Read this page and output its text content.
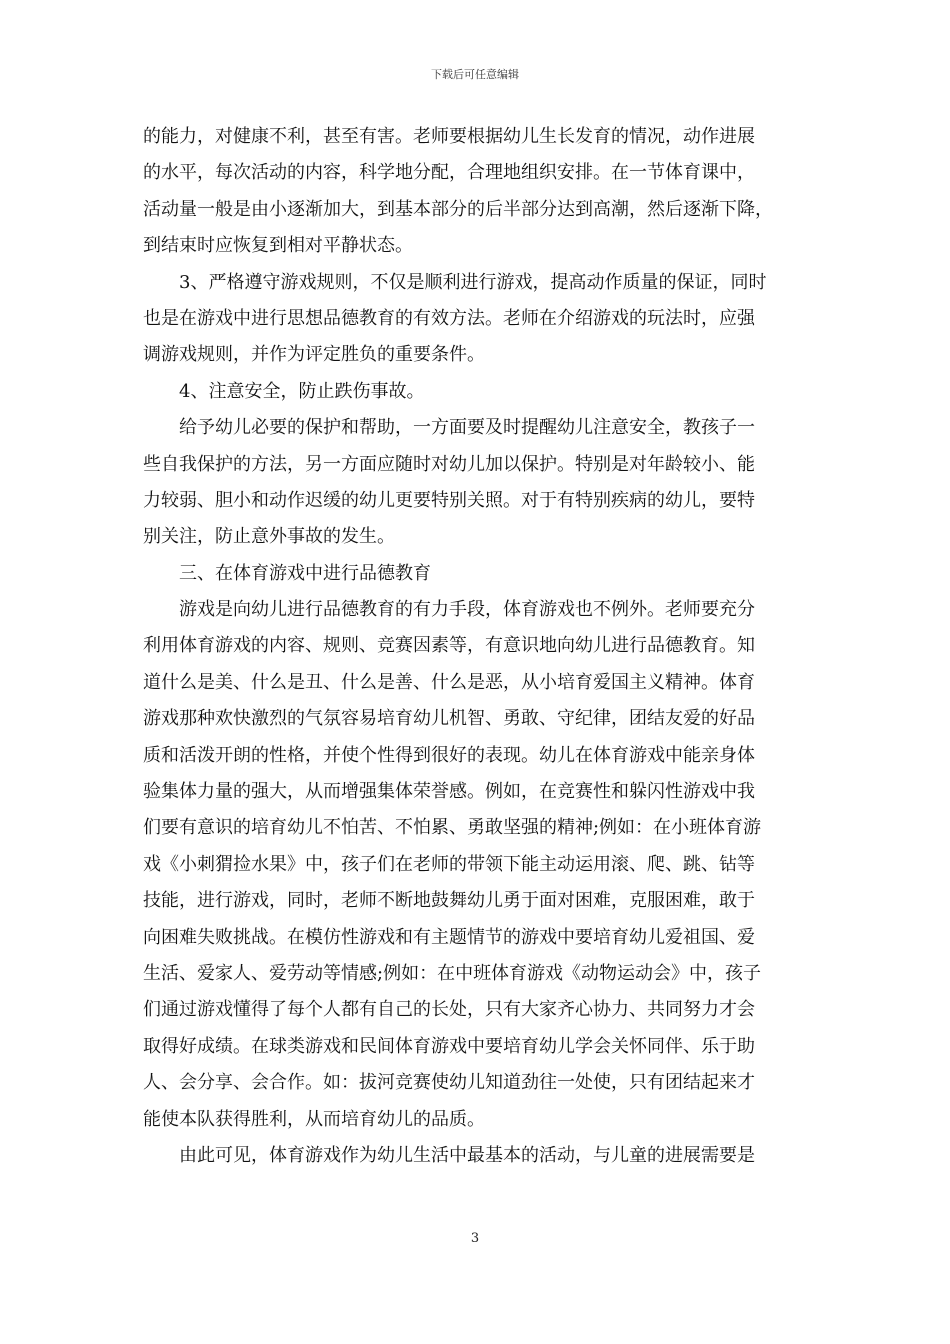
下载后可任意编辑
的能力，对健康不利，甚至有害。老师要根据幼儿生长发育的情况，动作进展
的水平，每次活动的内容，科学地分配，合理地组织安排。在一节体育课中，
活动量一般是由小逐渐加大，到基本部分的后半部分达到高潮，然后逐渐下降，
到结束时应恢复到相对平静状态。
　　3、严格遵守游戏规则，不仅是顺利进行游戏，提高动作质量的保证，同时
也是在游戏中进行思想品德教育的有效方法。老师在介绍游戏的玩法时，应强
调游戏规则，并作为评定胜负的重要条件。
　　4、注意安全，防止跌伤事故。
　　给予幼儿必要的保护和帮助，一方面要及时提醒幼儿注意安全，教孩子一
些自我保护的方法，另一方面应随时对幼儿加以保护。特别是对年龄较小、能
力较弱、胆小和动作迟缓的幼儿更要特别关照。对于有特别疾病的幼儿，要特
别关注，防止意外事故的发生。
　　三、在体育游戏中进行品德教育
　　游戏是向幼儿进行品德教育的有力手段，体育游戏也不例外。老师要充分
利用体育游戏的内容、规则、竞赛因素等，有意识地向幼儿进行品德教育。知
道什么是美、什么是丑、什么是善、什么是恶，从小培育爱国主义精神。体育
游戏那种欢快激烈的气氛容易培育幼儿机智、勇敢、守纪律，团结友爱的好品
质和活泼开朗的性格，并使个性得到很好的表现。幼儿在体育游戏中能亲身体
验集体力量的强大，从而增强集体荣誉感。例如，在竞赛性和躲闪性游戏中我
们要有意识的培育幼儿不怕苦、不怕累、勇敢坚强的精神;例如：在小班体育游
戏《小刺猬捡水果》中，孩子们在老师的带领下能主动运用滚、爬、跳、钻等
技能，进行游戏，同时，老师不断地鼓舞幼儿勇于面对困难，克服困难，敢于
向困难失败挑战。在模仿性游戏和有主题情节的游戏中要培育幼儿爱祖国、爱
生活、爱家人、爱劳动等情感;例如：在中班体育游戏《动物运动会》中，孩子
们通过游戏懂得了每个人都有自己的长处，只有大家齐心协力、共同努力才会
取得好成绩。在球类游戏和民间体育游戏中要培育幼儿学会关怀同伴、乐于助
人、会分享、会合作。如：拔河竞赛使幼儿知道劲往一处使，只有团结起来才
能使本队获得胜利，从而培育幼儿的品质。
　　由此可见，体育游戏作为幼儿生活中最基本的活动，与儿童的进展需要是
3
